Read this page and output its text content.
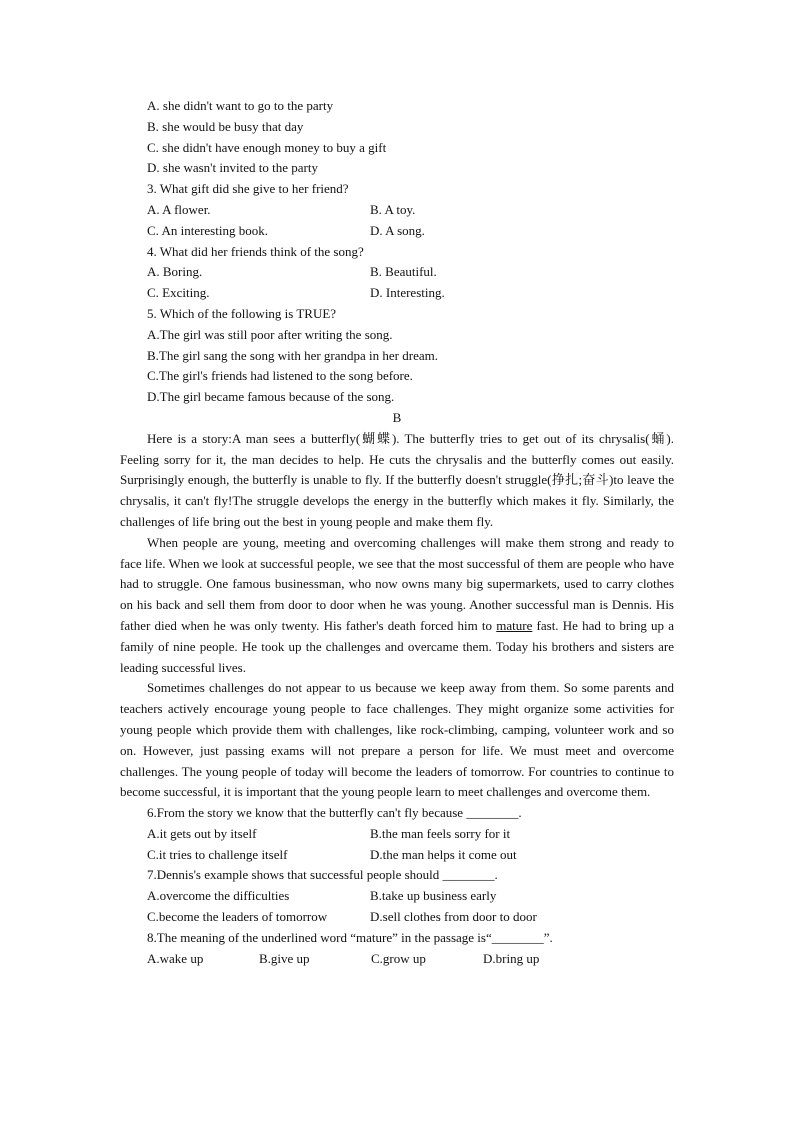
A. she didn't want to go to the party
B. she would be busy that day
C. she didn't have enough money to buy a gift
D. she wasn't invited to the party
3. What gift did she give to her friend?
A. A flower.	B. A toy.
C. An interesting book.	D. A song.
4. What did her friends think of the song?
A. Boring.	B. Beautiful.
C. Exciting.	D. Interesting.
5. Which of the following is TRUE?
A.The girl was still poor after writing the song.
B.The girl sang the song with her grandpa in her dream.
C.The girl's friends had listened to the song before.
D.The girl became famous because of the song.
B

Here is a story:A man sees a butterfly(蝴蝶). The butterfly tries to get out of its chrysalis(蛹). Feeling sorry for it, the man decides to help. He cuts the chrysalis and the butterfly comes out easily. Surprisingly enough, the butterfly is unable to fly. If the butterfly doesn't struggle(挣扎;奋斗)to leave the chrysalis, it can't fly!The struggle develops the energy in the butterfly which makes it fly. Similarly, the challenges of life bring out the best in young people and make them fly.

When people are young, meeting and overcoming challenges will make them strong and ready to face life. When we look at successful people, we see that the most successful of them are people who have had to struggle. One famous businessman, who now owns many big supermarkets, used to carry clothes on his back and sell them from door to door when he was young. Another successful man is Dennis. His father died when he was only twenty. His father's death forced him to mature fast. He had to bring up a family of nine people. He took up the challenges and overcame them. Today his brothers and sisters are leading successful lives.

Sometimes challenges do not appear to us because we keep away from them. So some parents and teachers actively encourage young people to face challenges. They might organize some activities for young people which provide them with challenges, like rock-climbing, camping, volunteer work and so on. However, just passing exams will not prepare a person for life. We must meet and overcome challenges. The young people of today will become the leaders of tomorrow. For countries to continue to become successful, it is important that the young people learn to meet challenges and overcome them.

6.From the story we know that the butterfly can't fly because ________.
A.it gets out by itself	B.the man feels sorry for it
C.it tries to challenge itself	D.the man helps it come out
7.Dennis's example shows that successful people should ________.
A.overcome the difficulties	B.take up business early
C.become the leaders of tomorrow	D.sell clothes from door to door
8.The meaning of the underlined word “mature” in the passage is“________”.
A.wake up	B.give up	C.grow up	D.bring up
